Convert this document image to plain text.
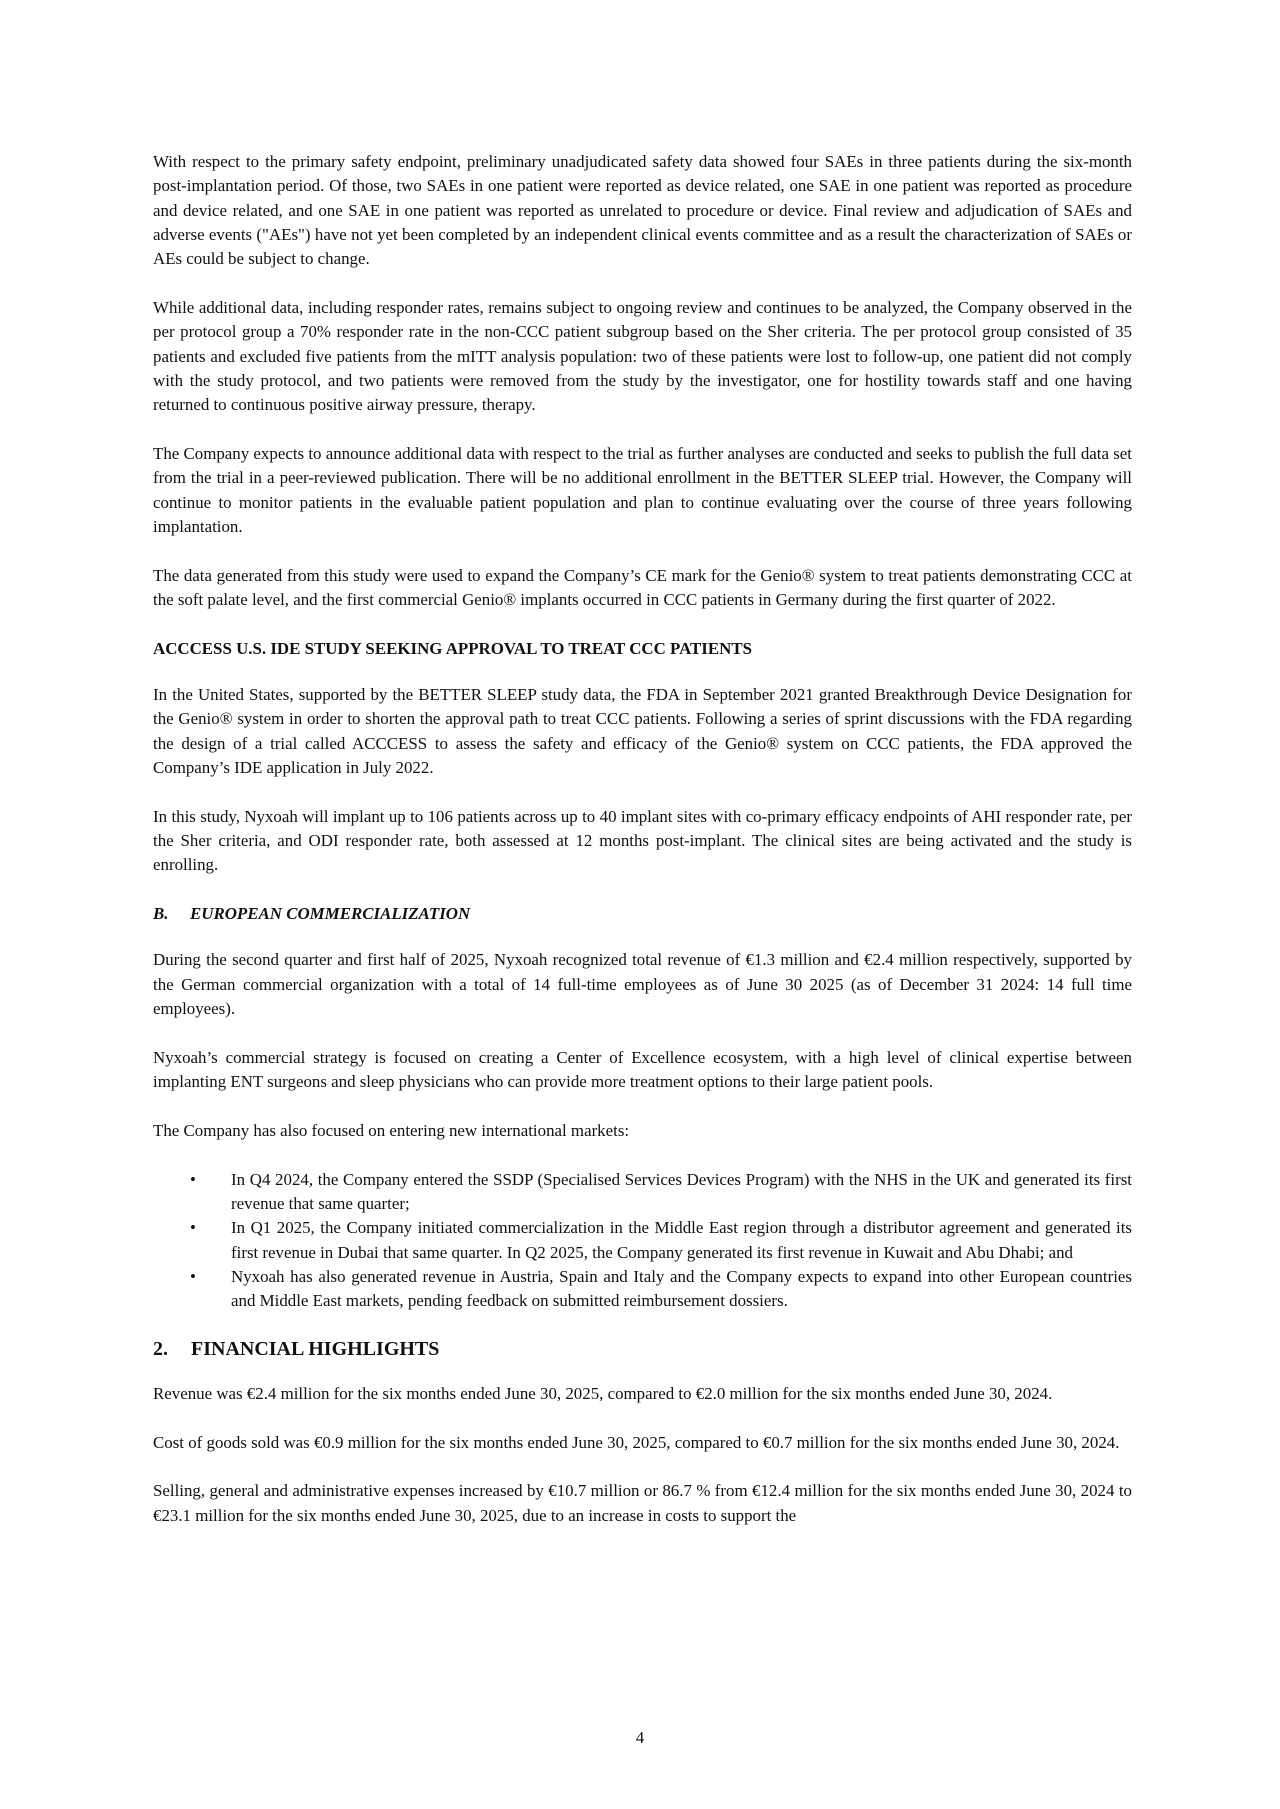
With respect to the primary safety endpoint, preliminary unadjudicated safety data showed four SAEs in three patients during the six-month post-implantation period. Of those, two SAEs in one patient were reported as device related, one SAE in one patient was reported as procedure and device related, and one SAE in one patient was reported as unrelated to procedure or device. Final review and adjudication of SAEs and adverse events ("AEs") have not yet been completed by an independent clinical events committee and as a result the characterization of SAEs or AEs could be subject to change.

While additional data, including responder rates, remains subject to ongoing review and continues to be analyzed, the Company observed in the per protocol group a 70% responder rate in the non-CCC patient subgroup based on the Sher criteria. The per protocol group consisted of 35 patients and excluded five patients from the mITT analysis population: two of these patients were lost to follow-up, one patient did not comply with the study protocol, and two patients were removed from the study by the investigator, one for hostility towards staff and one having returned to continuous positive airway pressure, therapy.

The Company expects to announce additional data with respect to the trial as further analyses are conducted and seeks to publish the full data set from the trial in a peer-reviewed publication. There will be no additional enrollment in the BETTER SLEEP trial. However, the Company will continue to monitor patients in the evaluable patient population and plan to continue evaluating over the course of three years following implantation.

The data generated from this study were used to expand the Company’s CE mark for the Genio® system to treat patients demonstrating CCC at the soft palate level, and the first commercial Genio® implants occurred in CCC patients in Germany during the first quarter of 2022.

ACCCESS U.S. IDE STUDY SEEKING APPROVAL TO TREAT CCC PATIENTS

In the United States, supported by the BETTER SLEEP study data, the FDA in September 2021 granted Breakthrough Device Designation for the Genio® system in order to shorten the approval path to treat CCC patients. Following a series of sprint discussions with the FDA regarding the design of a trial called ACCCESS to assess the safety and efficacy of the Genio® system on CCC patients, the FDA approved the Company’s IDE application in July 2022.

In this study, Nyxoah will implant up to 106 patients across up to 40 implant sites with co-primary efficacy endpoints of AHI responder rate, per the Sher criteria, and ODI responder rate, both assessed at 12 months post-implant. The clinical sites are being activated and the study is enrolling.

B. EUROPEAN COMMERCIALIZATION

During the second quarter and first half of 2025, Nyxoah recognized total revenue of €1.3 million and €2.4 million respectively, supported by the German commercial organization with a total of 14 full-time employees as of June 30 2025 (as of December 31 2024: 14 full time employees).

Nyxoah’s commercial strategy is focused on creating a Center of Excellence ecosystem, with a high level of clinical expertise between implanting ENT surgeons and sleep physicians who can provide more treatment options to their large patient pools.

The Company has also focused on entering new international markets:

• In Q4 2024, the Company entered the SSDP (Specialised Services Devices Program) with the NHS in the UK and generated its first revenue that same quarter;
• In Q1 2025, the Company initiated commercialization in the Middle East region through a distributor agreement and generated its first revenue in Dubai that same quarter. In Q2 2025, the Company generated its first revenue in Kuwait and Abu Dhabi; and
• Nyxoah has also generated revenue in Austria, Spain and Italy and the Company expects to expand into other European countries and Middle East markets, pending feedback on submitted reimbursement dossiers.
2. FINANCIAL HIGHLIGHTS

Revenue was €2.4 million for the six months ended June 30, 2025, compared to €2.0 million for the six months ended June 30, 2024.

Cost of goods sold was €0.9 million for the six months ended June 30, 2025, compared to €0.7 million for the six months ended June 30, 2024.

Selling, general and administrative expenses increased by €10.7 million or 86.7 % from €12.4 million for the six months ended June 30, 2024 to €23.1 million for the six months ended June 30, 2025, due to an increase in costs to support the

4
